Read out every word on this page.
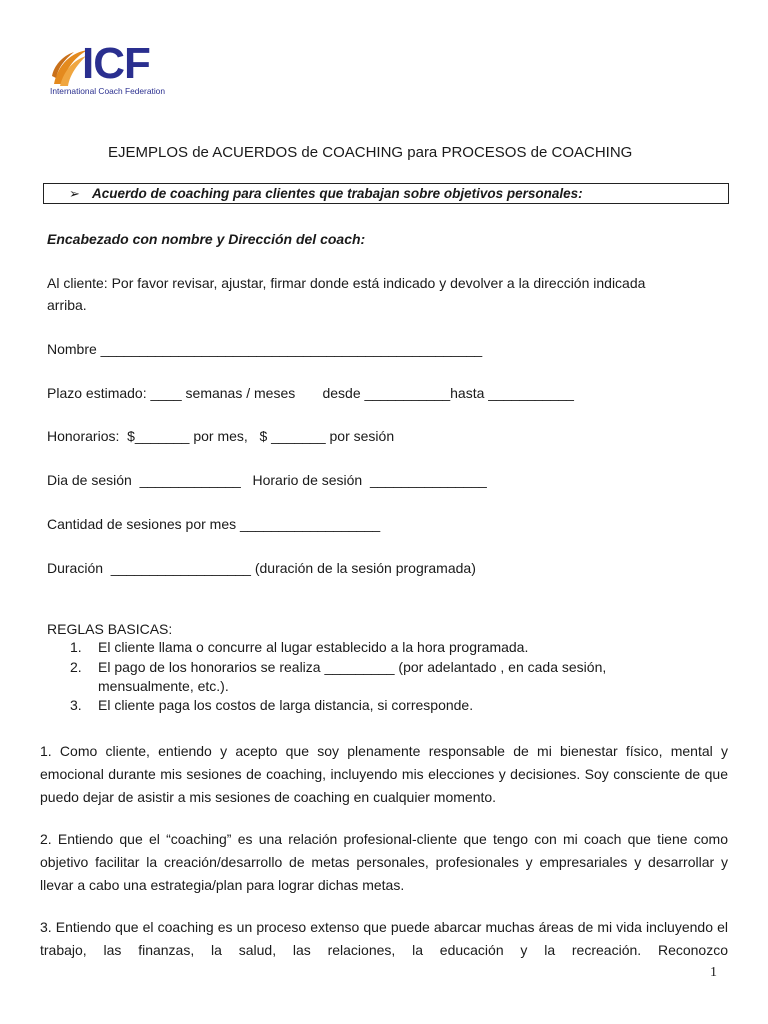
ICF
International Coach Federation
EJEMPLOS de ACUERDOS de COACHING para PROCESOS de COACHING
➢ Acuerdo de coaching para clientes que trabajan sobre objetivos personales:
Encabezado con nombre y Dirección del coach:
Al cliente: Por favor revisar, ajustar, firmar donde está indicado y devolver a la dirección indicada
arriba.
Nombre _________________________________________________
Plazo estimado: ____ semanas / meses       desde ___________hasta ___________
Honorarios:  $_______ por mes,   $ _______ por sesión
Dia de sesión  _____________   Horario de sesión  _______________
Cantidad de sesiones por mes __________________
Duración  __________________ (duración de la sesión programada)
REGLAS BASICAS:
1. El cliente llama o concurre al lugar establecido a la hora programada.
2. El pago de los honorarios se realiza _________ (por adelantado , en cada sesión,
mensualmente, etc.).
3. El cliente paga los costos de larga distancia, si corresponde.
1. Como cliente, entiendo y acepto que soy plenamente responsable de mi bienestar físico, mental y emocional durante mis sesiones de coaching, incluyendo mis elecciones y decisiones. Soy consciente de que puedo dejar de asistir a mis sesiones de coaching en cualquier momento.
2. Entiendo que el “coaching” es una relación profesional-cliente que tengo con mi coach que tiene como objetivo facilitar la creación/desarrollo de metas personales, profesionales y empresariales y desarrollar y llevar a cabo una estrategia/plan para lograr dichas metas.
3. Entiendo que el coaching es un proceso extenso que puede abarcar muchas áreas de mi vida incluyendo el trabajo, las finanzas, la salud, las relaciones, la educación y la recreación. Reconozco
1
